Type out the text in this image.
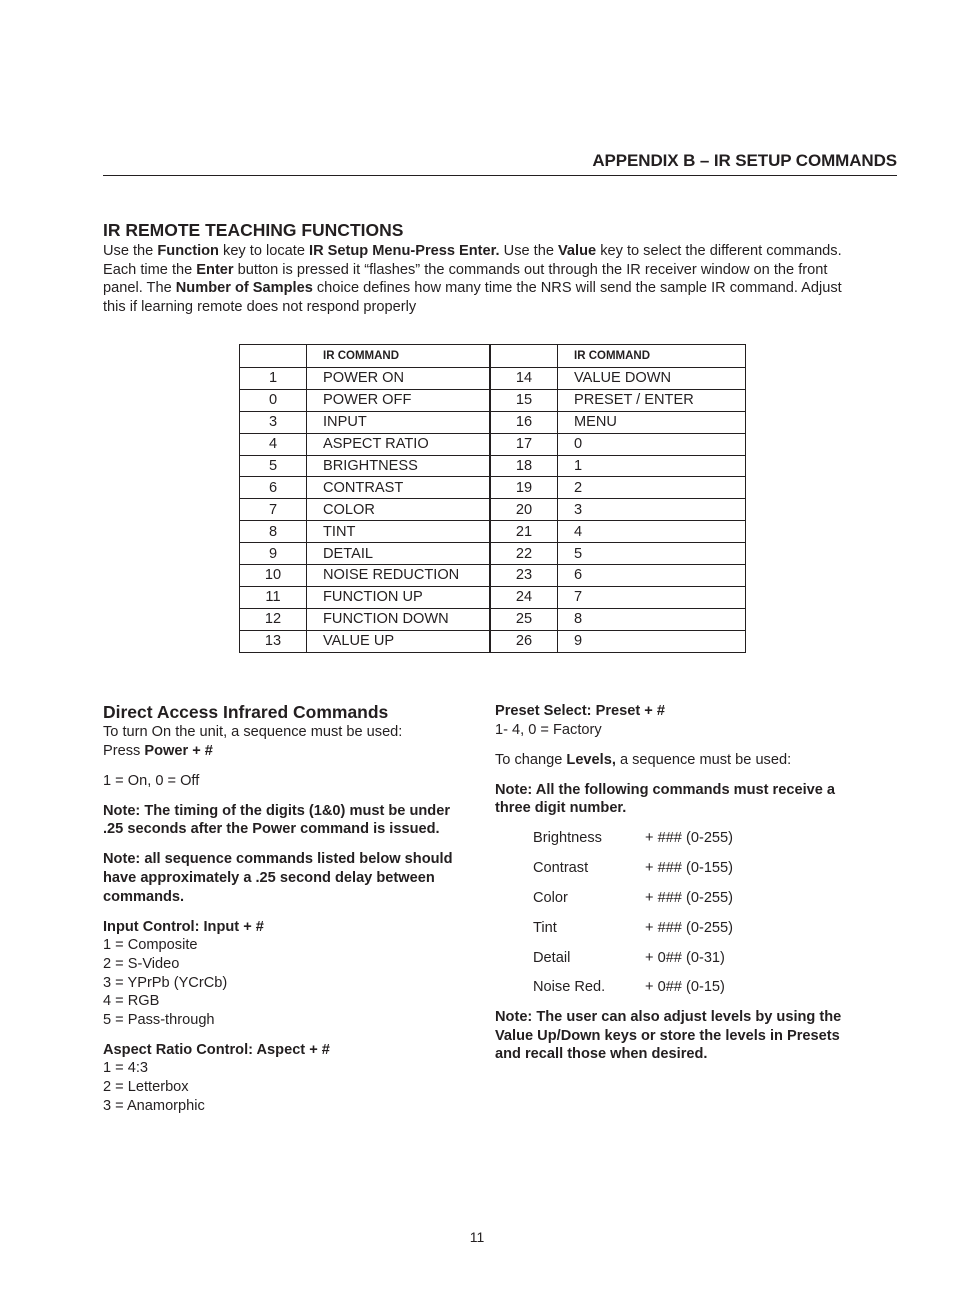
APPENDIX B – IR SETUP COMMANDS
IR REMOTE TEACHING FUNCTIONS
Use the Function key to locate IR Setup Menu-Press Enter. Use the Value key to select the different commands. Each time the Enter button is pressed it “flashes” the commands out through the IR receiver window on the front panel. The Number of Samples choice defines how many time the NRS will send the sample IR command. Adjust this if learning remote does not respond properly
	IR COMMAND		IR COMMAND
1	POWER ON	14	VALUE DOWN
0	POWER OFF	15	PRESET / ENTER
3	INPUT	16	MENU
4	ASPECT RATIO	17	0
5	BRIGHTNESS	18	1
6	CONTRAST	19	2
7	COLOR	20	3
8	TINT	21	4
9	DETAIL	22	5
10	NOISE REDUCTION	23	6
11	FUNCTION UP	24	7
12	FUNCTION DOWN	25	8
13	VALUE UP	26	9
Direct Access Infrared Commands

To turn On the unit, a sequence must be used:
Press Power + #

1 = On, 0 = Off

Note: The timing of the digits (1&0) must be under .25 seconds after the Power command is issued.

Note: all sequence commands listed below should have approximately a .25 second delay between commands.

Input Control: Input + #
1 = Composite
2 = S-Video
3 = YPrPb (YCrCb)
4 = RGB
5 = Pass-through

Aspect Ratio Control: Aspect + #
1 = 4:3
2 = Letterbox
3 = Anamorphic

Preset Select: Preset + #
1- 4, 0 = Factory

To change Levels, a sequence must be used:

Note: All the following commands must receive a three digit number.

Brightness	+ ### (0-255)
Contrast	+ ### (0-155)
Color	+ ### (0-255)
Tint	+ ### (0-255)
Detail	+ 0## (0-31)
Noise Red.	+ 0## (0-15)

Note: The user can also adjust levels by using the Value Up/Down keys or store the levels in Presets and recall those when desired.

11
